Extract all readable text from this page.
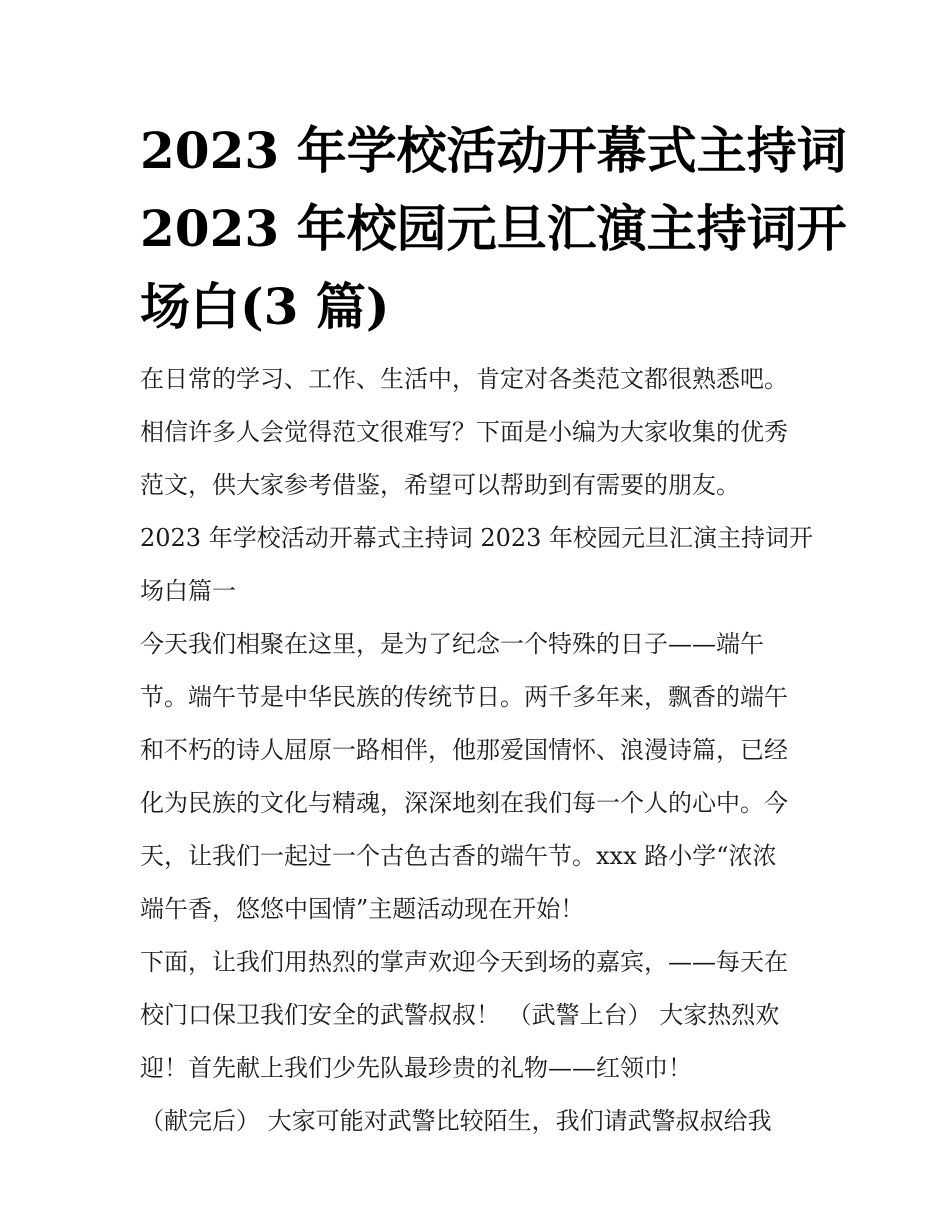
2023 年学校活动开幕式主持词
2023 年校园元旦汇演主持词开
场白(3 篇)
在日常的学习、工作、生活中，肯定对各类范文都很熟悉吧。
相信许多人会觉得范文很难写？下面是小编为大家收集的优秀
范文，供大家参考借鉴，希望可以帮助到有需要的朋友。
2023 年学校活动开幕式主持词 2023 年校园元旦汇演主持词开
场白篇一
今天我们相聚在这里，是为了纪念一个特殊的日子——端午
节。端午节是中华民族的传统节日。两千多年来，飘香的端午
和不朽的诗人屈原一路相伴，他那爱国情怀、浪漫诗篇，已经
化为民族的文化与精魂，深深地刻在我们每一个人的心中。今
天，让我们一起过一个古色古香的端午节。xxx 路小学“浓浓
端午香，悠悠中国情”主题活动现在开始！
下面，让我们用热烈的掌声欢迎今天到场的嘉宾，——每天在
校门口保卫我们安全的武警叔叔！ （武警上台） 大家热烈欢
迎！首先献上我们少先队最珍贵的礼物——红领巾！
（献完后） 大家可能对武警比较陌生，我们请武警叔叔给我
